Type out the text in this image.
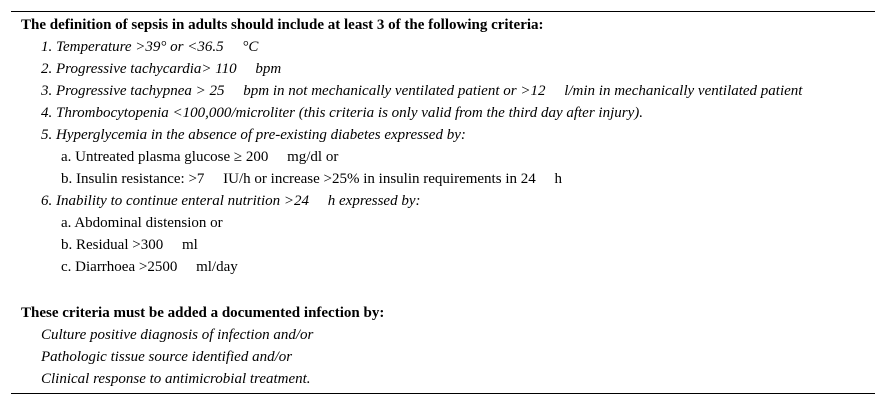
The definition of sepsis in adults should include at least 3 of the following criteria:
1. Temperature >39° or <36.5     °C
2. Progressive tachycardia> 110     bpm
3. Progressive tachypnea > 25     bpm in not mechanically ventilated patient or >12     l/min in mechanically ventilated patient
4. Thrombocytopenia <100,000/microliter (this criteria is only valid from the third day after injury).
5. Hyperglycemia in the absence of pre-existing diabetes expressed by:
a. Untreated plasma glucose ≥ 200     mg/dl or
b. Insulin resistance: >7     IU/h or increase >25% in insulin requirements in 24     h
6. Inability to continue enteral nutrition >24     h expressed by:
a. Abdominal distension or
b. Residual >300     ml
c. Diarrhoea >2500     ml/day
These criteria must be added a documented infection by:
Culture positive diagnosis of infection and/or
Pathologic tissue source identified and/or
Clinical response to antimicrobial treatment.
